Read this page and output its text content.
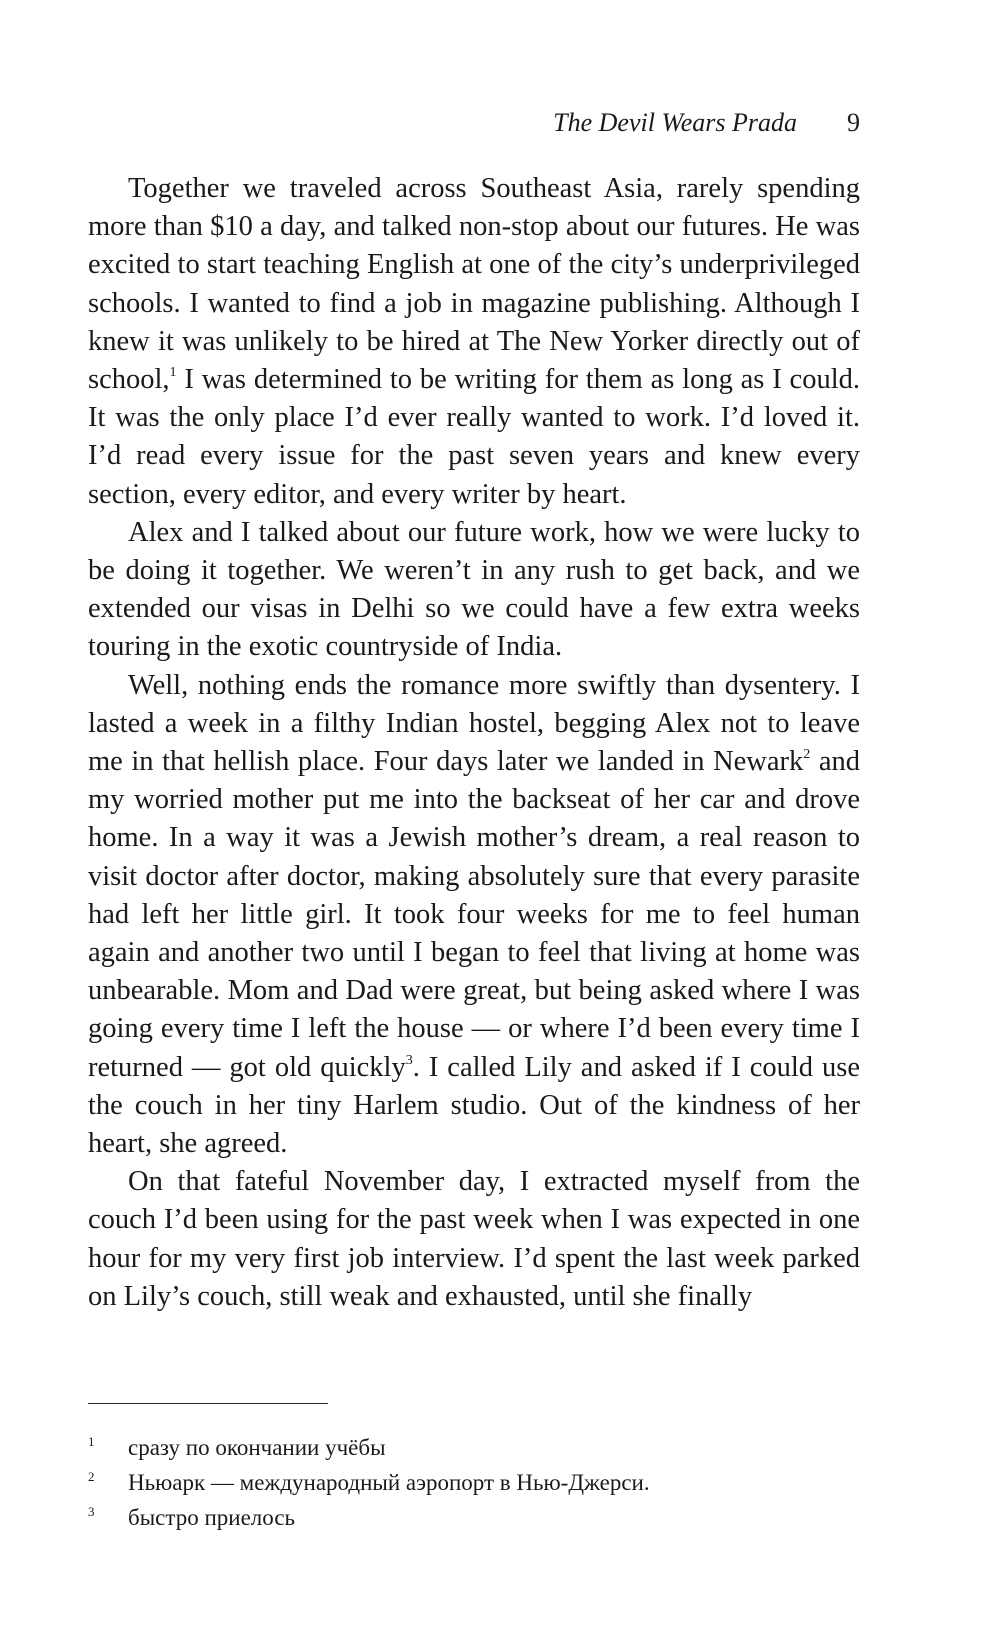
The Devil Wears Prada 9

Together we traveled across Southeast Asia, rarely spending more than $10 a day, and talked non-stop about our futures. He was excited to start teaching English at one of the city’s underprivileged schools. I wanted to find a job in magazine publishing. Although I knew it was unlikely to be hired at The New Yorker directly out of school,$^1$ I was determined to be writing for them as long as I could. It was the only place I’d ever really wanted to work. I’d loved it. I’d read every issue for the past seven years and knew every section, every editor, and every writer by heart.

Alex and I talked about our future work, how we were lucky to be doing it together. We weren’t in any rush to get back, and we extended our visas in Delhi so we could have a few extra weeks touring in the exotic countryside of India.

Well, nothing ends the romance more swiftly than dysentery. I lasted a week in a filthy Indian hostel, begging Alex not to leave me in that hellish place. Four days later we landed in Newark$^2$ and my worried mother put me into the backseat of her car and drove home. In a way it was a Jewish mother’s dream, a real reason to visit doctor after doctor, making absolutely sure that every parasite had left her little girl. It took four weeks for me to feel human again and another two until I began to feel that living at home was unbearable. Mom and Dad were great, but being asked where I was going every time I left the house — or where I’d been every time I returned — got old quickly$^3$. I called Lily and asked if I could use the couch in her tiny Harlem studio. Out of the kindness of her heart, she agreed.

On that fateful November day, I extracted myself from the couch I’d been using for the past week when I was expected in one hour for my very first job interview. I’d spent the last week parked on Lily’s couch, still weak and exhausted, until she finally

1 сразу по окончании учёбы
2 Ньюарк — международный аэропорт в Нью-Джерси.
3 быстро приелось
